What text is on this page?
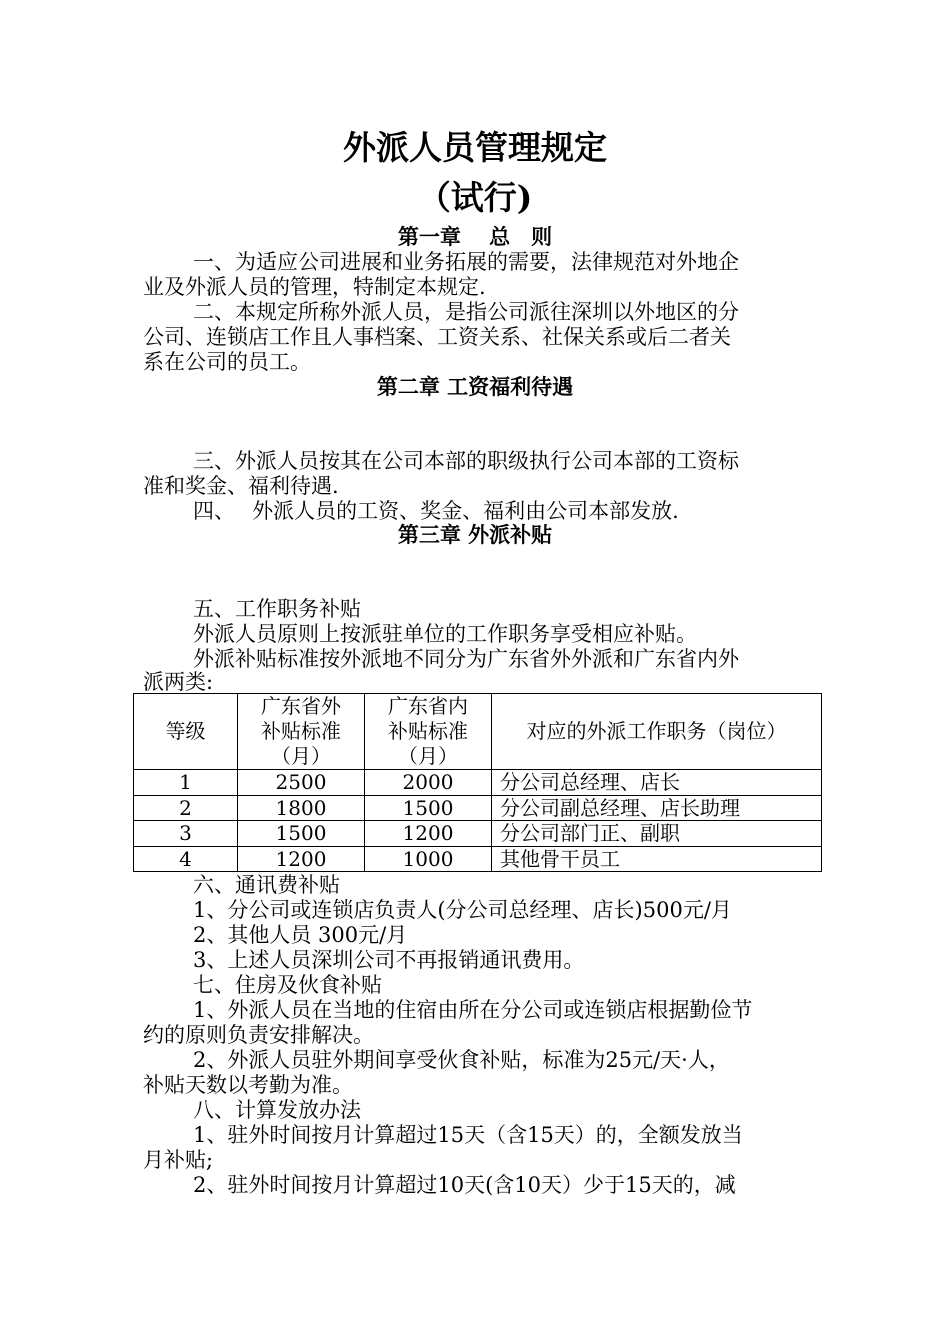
外派人员管理规定
（试行)
第一章　 总　则
一、为适应公司进展和业务拓展的需要，法律规范对外地企
业及外派人员的管理，特制定本规定.
二、本规定所称外派人员，是指公司派往深圳以外地区的分
公司、连锁店工作且人事档案、工资关系、社保关系或后二者关
系在公司的员工。
第二章 工资福利待遇
三、外派人员按其在公司本部的职级执行公司本部的工资标
准和奖金、福利待遇.
四、　 外派人员的工资、奖金、福利由公司本部发放.
第三章 外派补贴
五、工作职务补贴
外派人员原则上按派驻单位的工作职务享受相应补贴。
外派补贴标准按外派地不同分为广东省外外派和广东省内外
派两类:
等级	广东省外
补贴标准
（月）	广东省内
补贴标准
（月）	对应的外派工作职务（岗位）
1	2500	2000	分公司总经理、店长
2	1800	1500	分公司副总经理、店长助理
3	1500	1200	分公司部门正、副职
4	1200	1000	其他骨干员工
六、通讯费补贴
1、分公司或连锁店负责人(分公司总经理、店长)500元/月
2、其他人员 300元/月
3、上述人员深圳公司不再报销通讯费用。
七、住房及伙食补贴
1、外派人员在当地的住宿由所在分公司或连锁店根据勤俭节
约的原则负责安排解决。
2、外派人员驻外期间享受伙食补贴，标准为25元/天·人，
补贴天数以考勤为准。
八、计算发放办法
1、驻外时间按月计算超过15天（含15天）的，全额发放当
月补贴;
2、驻外时间按月计算超过10天(含10天）少于15天的，减
